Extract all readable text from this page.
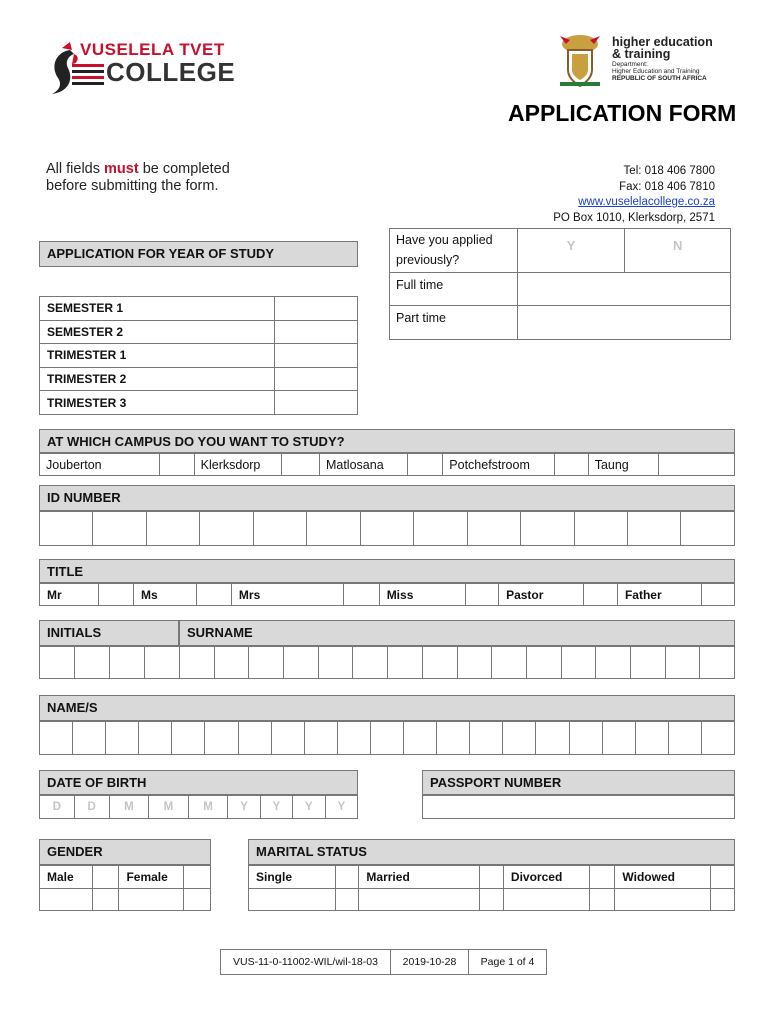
VUSELELA TVET
COLLEGE
higher education
& training
Department:
Higher Education and Training
REPUBLIC OF SOUTH AFRICA
APPLICATION FORM
All fields must be completed
before submitting the form.
Tel: 018 406 7800
Fax: 018 406 7810
www.vuselelacollege.co.za
PO Box 1010, Klerksdorp, 2571
Have you applied
previously?	Y	N
Full time		
Part time		
APPLICATION FOR YEAR OF STUDY
SEMESTER 1	
SEMESTER 2	
TRIMESTER 1	
TRIMESTER 2	
TRIMESTER 3	
AT WHICH CAMPUS DO YOU WANT TO STUDY?
Jouberton		Klerksdorp		Matlosana		Potchefstroom		Taung	
ID NUMBER

TITLE
Mr		Ms		Mrs		Miss		Pastor		Father	
INITIALS	SURNAME

NAME/S

DATE OF BIRTH
D	D	M	M	M	Y	Y	Y	Y
PASSPORT NUMBER
GENDER
Male		Female	

MARITAL STATUS
Single		Married		Divorced		Widowed	

VUS-11-0-11002-WIL/wil-18-03	2019-10-28	Page 1 of 4
